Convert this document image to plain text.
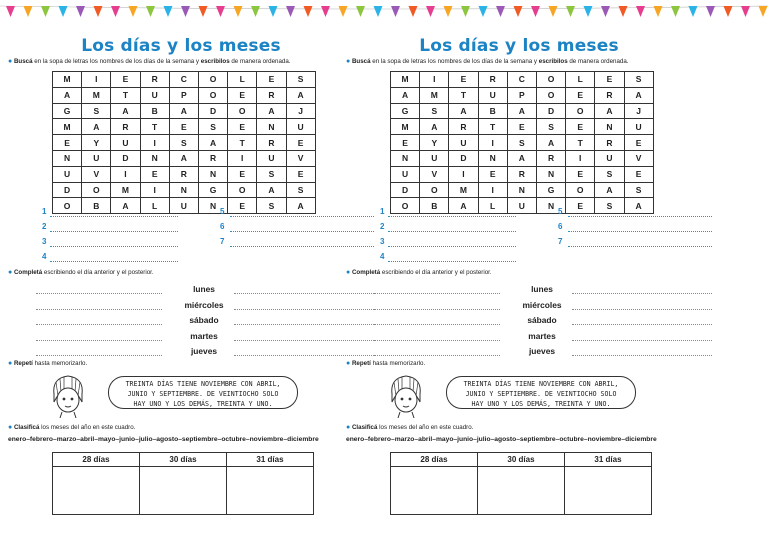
Los días y los meses
● Buscá en la sopa de letras los nombres de los días de la semana y escribilos de manera ordenada.
M	I	E	R	C	O	L	E	S
A	M	T	U	P	O	E	R	A
G	S	A	B	A	D	O	A	J
M	A	R	T	E	S	E	N	U
E	Y	U	I	S	A	T	R	E
N	U	D	N	A	R	I	U	V
U	V	I	E	R	N	E	S	E
D	O	M	I	N	G	O	A	S
O	B	A	L	U	N	E	S	A
1
2
3
4
5
6
7
● Completá escribiendo el día anterior y el posterior.
lunes
miércoles
sábado
martes
jueves
● Repetí hasta memorizarlo.
TREINTA DÍAS TIENE NOVIEMBRE CON ABRIL,
JUNIO Y SEPTIEMBRE. DE VEINTIOCHO SOLO
HAY UNO Y LOS DEMÁS, TREINTA Y UNO.
● Clasificá los meses del año en este cuadro.
enero–febrero–marzo–abril–mayo–junio–julio–agosto–septiembre–octubre–noviembre–diciembre
28 días	30 días	31 días

Los días y los meses
● Buscá en la sopa de letras los nombres de los días de la semana y escribilos de manera ordenada.
M	I	E	R	C	O	L	E	S
A	M	T	U	P	O	E	R	A
G	S	A	B	A	D	O	A	J
M	A	R	T	E	S	E	N	U
E	Y	U	I	S	A	T	R	E
N	U	D	N	A	R	I	U	V
U	V	I	E	R	N	E	S	E
D	O	M	I	N	G	O	A	S
O	B	A	L	U	N	E	S	A
1
2
3
4
5
6
7
● Completá escribiendo el día anterior y el posterior.
lunes
miércoles
sábado
martes
jueves
● Repetí hasta memorizarlo.
TREINTA DÍAS TIENE NOVIEMBRE CON ABRIL,
JUNIO Y SEPTIEMBRE. DE VEINTIOCHO SOLO
HAY UNO Y LOS DEMÁS, TREINTA Y UNO.
● Clasificá los meses del año en este cuadro.
enero–febrero–marzo–abril–mayo–junio–julio–agosto–septiembre–octubre–noviembre–diciembre
28 días	30 días	31 días
